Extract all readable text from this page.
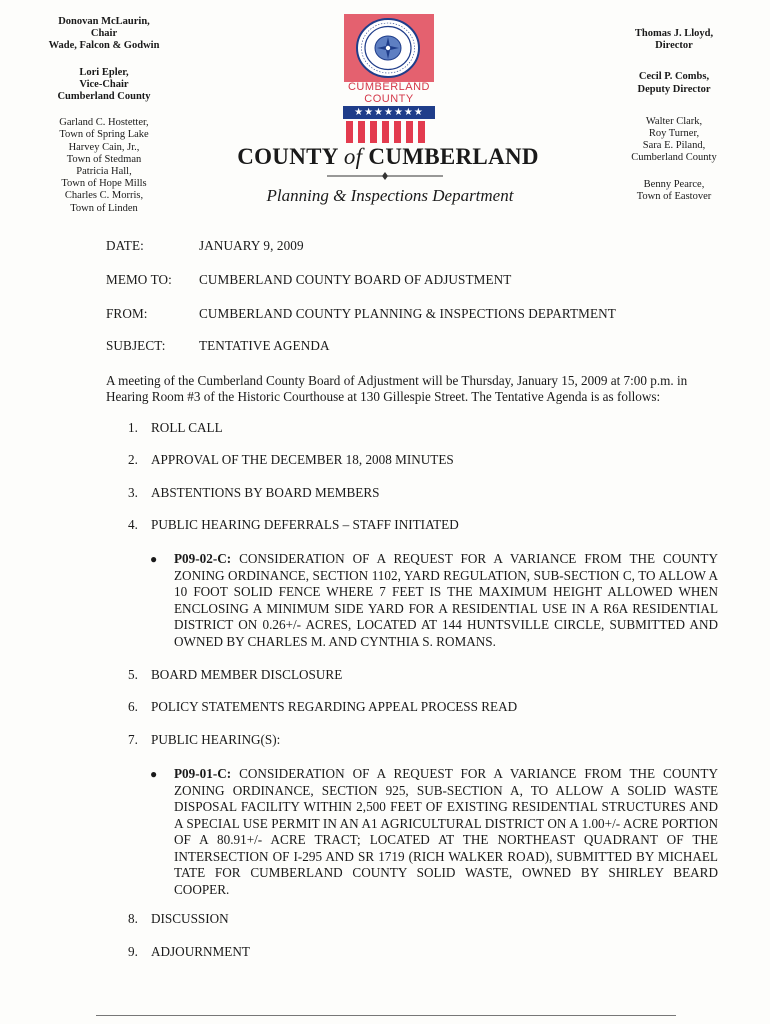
Donovan McLaurin,
Chair
Wade, Falcon & Godwin
Lori Epler,
Vice-Chair
Cumberland County
Garland C. Hostetter,
Town of Spring Lake
Harvey Cain, Jr.,
Town of Stedman
Patricia Hall,
Town of Hope Mills
Charles C. Morris,
Town of Linden
Thomas J. Lloyd,
Director
Cecil P. Combs,
Deputy Director
Walter Clark,
Roy Turner,
Sara E. Piland,
Cumberland County
Benny Pearce,
Town of Eastover
CUMBERLAND
COUNTY
★★★★★★★
COUNTY of CUMBERLAND
Planning & Inspections Department
DATE:	JANUARY 9, 2009
MEMO TO: CUMBERLAND COUNTY BOARD OF ADJUSTMENT
FROM:	CUMBERLAND COUNTY PLANNING & INSPECTIONS DEPARTMENT
SUBJECT:	TENTATIVE AGENDA
A meeting of the Cumberland County Board of Adjustment will be Thursday, January 15, 2009 at 7:00 p.m. in Hearing Room #3 of the Historic Courthouse at 130 Gillespie Street. The Tentative Agenda is as follows:
1. ROLL CALL
2. APPROVAL OF THE DECEMBER 18, 2008 MINUTES
3. ABSTENTIONS BY BOARD MEMBERS
4. PUBLIC HEARING DEFERRALS – STAFF INITIATED
●	P09-02-C: CONSIDERATION OF A REQUEST FOR A VARIANCE FROM THE COUNTY ZONING ORDINANCE, SECTION 1102, YARD REGULATION, SUB-SECTION C, TO ALLOW A 10 FOOT SOLID FENCE WHERE 7 FEET IS THE MAXIMUM HEIGHT ALLOWED WHEN ENCLOSING A MINIMUM SIDE YARD FOR A RESIDENTIAL USE IN A R6A RESIDENTIAL DISTRICT ON 0.26+/- ACRES, LOCATED AT 144 HUNTSVILLE CIRCLE, SUBMITTED AND OWNED BY CHARLES M. AND CYNTHIA S. ROMANS.
5. BOARD MEMBER DISCLOSURE
6. POLICY STATEMENTS REGARDING APPEAL PROCESS READ
7. PUBLIC HEARING(S):
●	P09-01-C: CONSIDERATION OF A REQUEST FOR A VARIANCE FROM THE COUNTY ZONING ORDINANCE, SECTION 925, SUB-SECTION A, TO ALLOW A SOLID WASTE DISPOSAL FACILITY WITHIN 2,500 FEET OF EXISTING RESIDENTIAL STRUCTURES AND A SPECIAL USE PERMIT IN AN A1 AGRICULTURAL DISTRICT ON A 1.00+/- ACRE PORTION OF A 80.91+/- ACRE TRACT; LOCATED AT THE NORTHEAST QUADRANT OF THE INTERSECTION OF I-295 AND SR 1719 (RICH WALKER ROAD), SUBMITTED BY MICHAEL TATE FOR CUMBERLAND COUNTY SOLID WASTE, OWNED BY SHIRLEY BEARD COOPER.
8. DISCUSSION
9. ADJOURNMENT
